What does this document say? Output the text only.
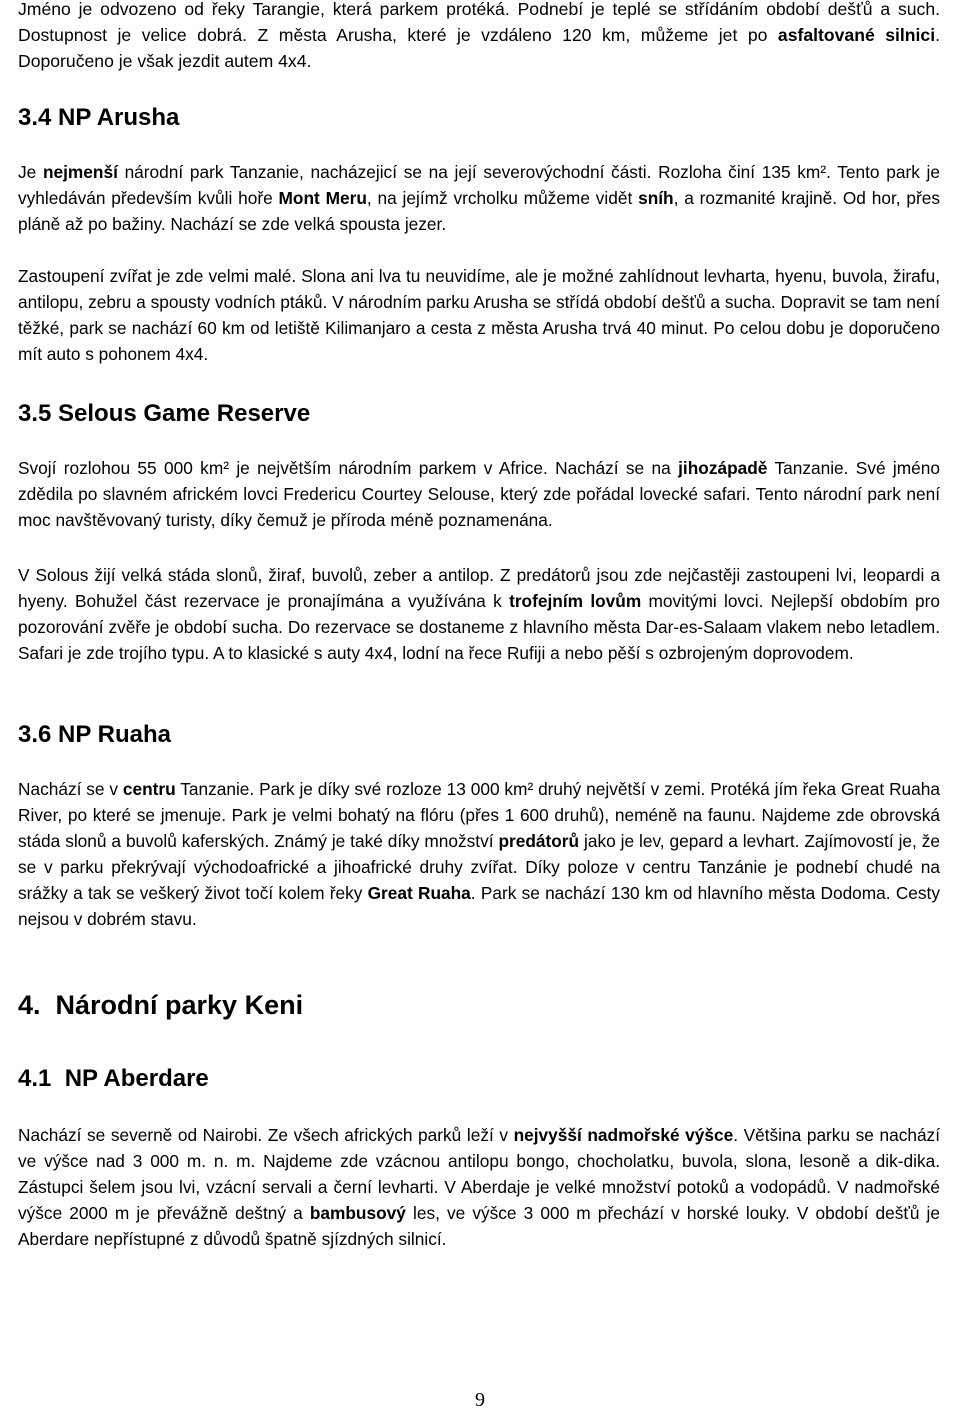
Jméno je odvozeno od řeky Tarangie, která parkem protéká. Podnebí je teplé se střídáním období dešťů a such. Dostupnost je velice dobrá. Z města Arusha, které je vzdáleno 120 km, můžeme jet po asfaltované silnici. Doporučeno je však jezdit autem 4x4.

3.4 NP Arusha

Je nejmenší národní park Tanzanie, nacházejicí se na její severovýchodní části. Rozloha činí 135 km². Tento park je vyhledáván především kvůli hoře Mont Meru, na jejímž vrcholku můžeme vidět sníh, a rozmanité krajině. Od hor, přes pláně až po bažiny. Nachází se zde velká spousta jezer.

Zastoupení zvířat je zde velmi malé. Slona ani lva tu neuvidíme, ale je možné zahlídnout levharta, hyenu, buvola, žirafu, antilopu, zebru a spousty vodních ptáků. V národním parku Arusha se střídá období dešťů a sucha. Dopravit se tam není těžké, park se nachází 60 km od letiště Kilimanjaro a cesta z města Arusha trvá 40 minut. Po celou dobu je doporučeno mít auto s pohonem 4x4.

3.5 Selous Game Reserve

Svojí rozlohou 55 000 km² je největším národním parkem v Africe. Nachází se na jihozápadě Tanzanie. Své jméno zdědila po slavném africkém lovci Fredericu Courtey Selouse, který zde pořádal lovecké safari. Tento národní park není moc navštěvovaný turisty, díky čemuž je příroda méně poznamenána.

V Solous žijí velká stáda slonů, žiraf, buvolů, zeber a antilop. Z predátorů jsou zde nejčastěji zastoupeni lvi, leopardi a hyeny. Bohužel část rezervace je pronajímána a využívána k trofejním lovům movitými lovci. Nejlepší obdobím pro pozorování zvěře je období sucha. Do rezervace se dostaneme z hlavního města Dar-es-Salaam vlakem nebo letadlem. Safari je zde trojího typu. A to klasické s auty 4x4, lodní na řece Rufiji a nebo pěší s ozbrojeným doprovodem.

3.6 NP Ruaha

Nachází se v centru Tanzanie. Park je díky své rozloze 13 000 km² druhý největší v zemi. Protéká jím řeka Great Ruaha River, po které se jmenuje. Park je velmi bohatý na flóru (přes 1 600 druhů), neméně na faunu. Najdeme zde obrovská stáda slonů a buvolů kaferských. Známý je také díky množství predátorů jako je lev, gepard a levhart. Zajímovostí je, že se v parku překrývají východoafrické a jihoafrické druhy zvířat. Díky poloze v centru Tanzánie je podnebí chudé na srážky a tak se veškerý život točí kolem řeky Great Ruaha. Park se nachází 130 km od hlavního města Dodoma. Cesty nejsou v dobrém stavu.

4.  Národní parky Keni
4.1  NP Aberdare

Nachází se severně od Nairobi. Ze všech afrických parků leží v nejvyšší nadmořské výšce. Většina parku se nachází ve výšce nad 3 000 m. n. m. Najdeme zde vzácnou antilopu bongo, chocholatku, buvola, slona, lesoně a dik-dika. Zástupci šelem jsou lvi, vzácní servali a černí levharti. V Aberdaje je velké množství potoků a vodopádů. V nadmořské výšce 2000 m je převážně deštný a bambusový les, ve výšce 3 000 m přechází v horské louky. V období dešťů je Aberdare nepřístupné z důvodů špatně sjízdných silnicí.

9
